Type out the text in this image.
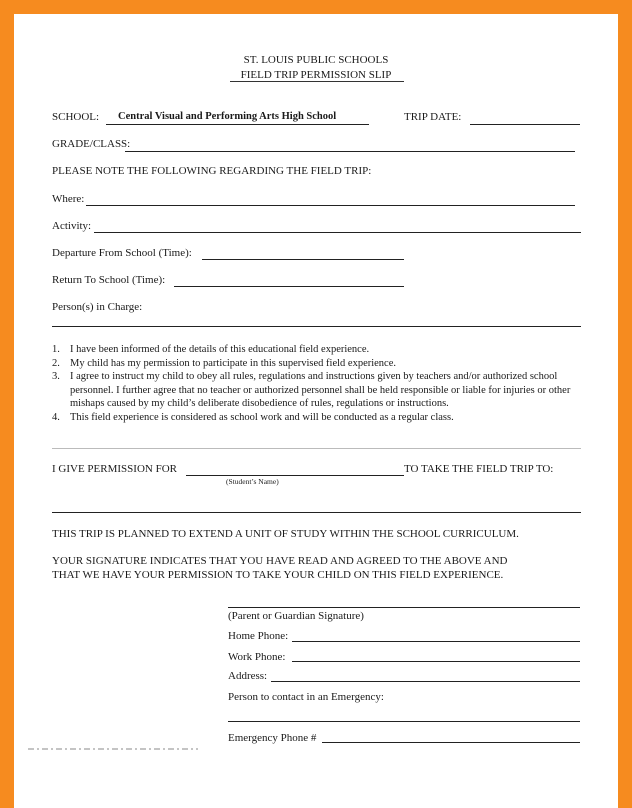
ST. LOUIS PUBLIC SCHOOLS
FIELD TRIP PERMISSION SLIP
SCHOOL: Central Visual and Performing Arts High School	TRIP DATE:
GRADE/CLASS:
PLEASE NOTE THE FOLLOWING REGARDING THE FIELD TRIP:
Where:
Activity:
Departure From School (Time):
Return To School (Time):
Person(s) in Charge:
1. I have been informed of the details of this educational field experience.
2. My child has my permission to participate in this supervised field experience.
3. I agree to instruct my child to obey all rules, regulations and instructions given by teachers and/or authorized school personnel. I further agree that no teacher or authorized personnel shall be held responsible or liable for injuries or other mishaps caused by my child’s deliberate disobedience of rules, regulations or instructions.
4. This field experience is considered as school work and will be conducted as a regular class.
I GIVE PERMISSION FOR	TO TAKE THE FIELD TRIP TO:
(Student’s Name)
THIS TRIP IS PLANNED TO EXTEND A UNIT OF STUDY WITHIN THE SCHOOL CURRICULUM.
YOUR SIGNATURE INDICATES THAT YOU HAVE READ AND AGREED TO THE ABOVE AND
THAT WE HAVE YOUR PERMISSION TO TAKE YOUR CHILD ON THIS FIELD EXPERIENCE.
(Parent or Guardian Signature)
Home Phone:
Work Phone:
Address:
Person to contact in an Emergency:
Emergency Phone #
